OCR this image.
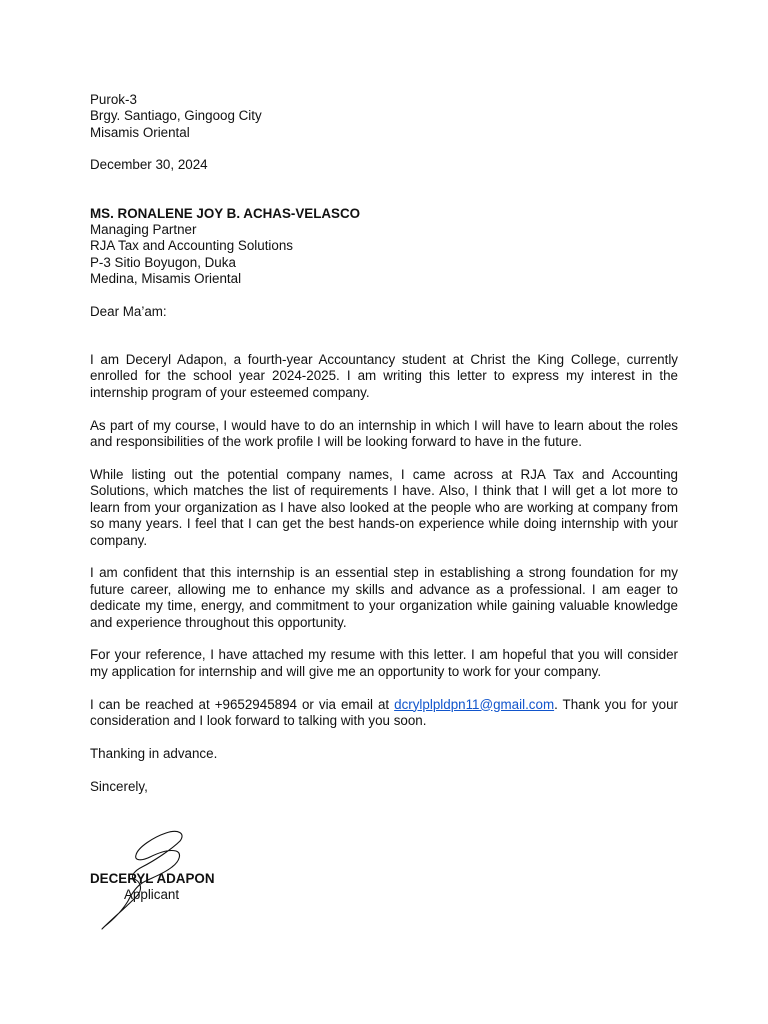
Purok-3
Brgy. Santiago, Gingoog City
Misamis Oriental
December 30, 2024
MS. RONALENE JOY B. ACHAS-VELASCO
Managing Partner
RJA Tax and Accounting Solutions
P-3 Sitio Boyugon, Duka
Medina, Misamis Oriental
Dear Ma’am:

I am Deceryl Adapon, a fourth-year Accountancy student at Christ the King College, currently enrolled for the school year 2024-2025. I am writing this letter to express my interest in the internship program of your esteemed company.

As part of my course, I would have to do an internship in which I will have to learn about the roles and responsibilities of the work profile I will be looking forward to have in the future.

While listing out the potential company names, I came across at RJA Tax and Accounting Solutions, which matches the list of requirements I have. Also, I think that I will get a lot more to learn from your organization as I have also looked at the people who are working at company from so many years. I feel that I can get the best hands-on experience while doing internship with your company.

I am confident that this internship is an essential step in establishing a strong foundation for my future career, allowing me to enhance my skills and advance as a professional. I am eager to dedicate my time, energy, and commitment to your organization while gaining valuable knowledge and experience throughout this opportunity.

For your reference, I have attached my resume with this letter. I am hopeful that you will consider my application for internship and will give me an opportunity to work for your company.

I can be reached at +9652945894 or via email at dcrylplpldpn11@gmail.com. Thank you for your consideration and I look forward to talking with you soon.

Thanking in advance.

Sincerely,
DECERYL ADAPON
Applicant
